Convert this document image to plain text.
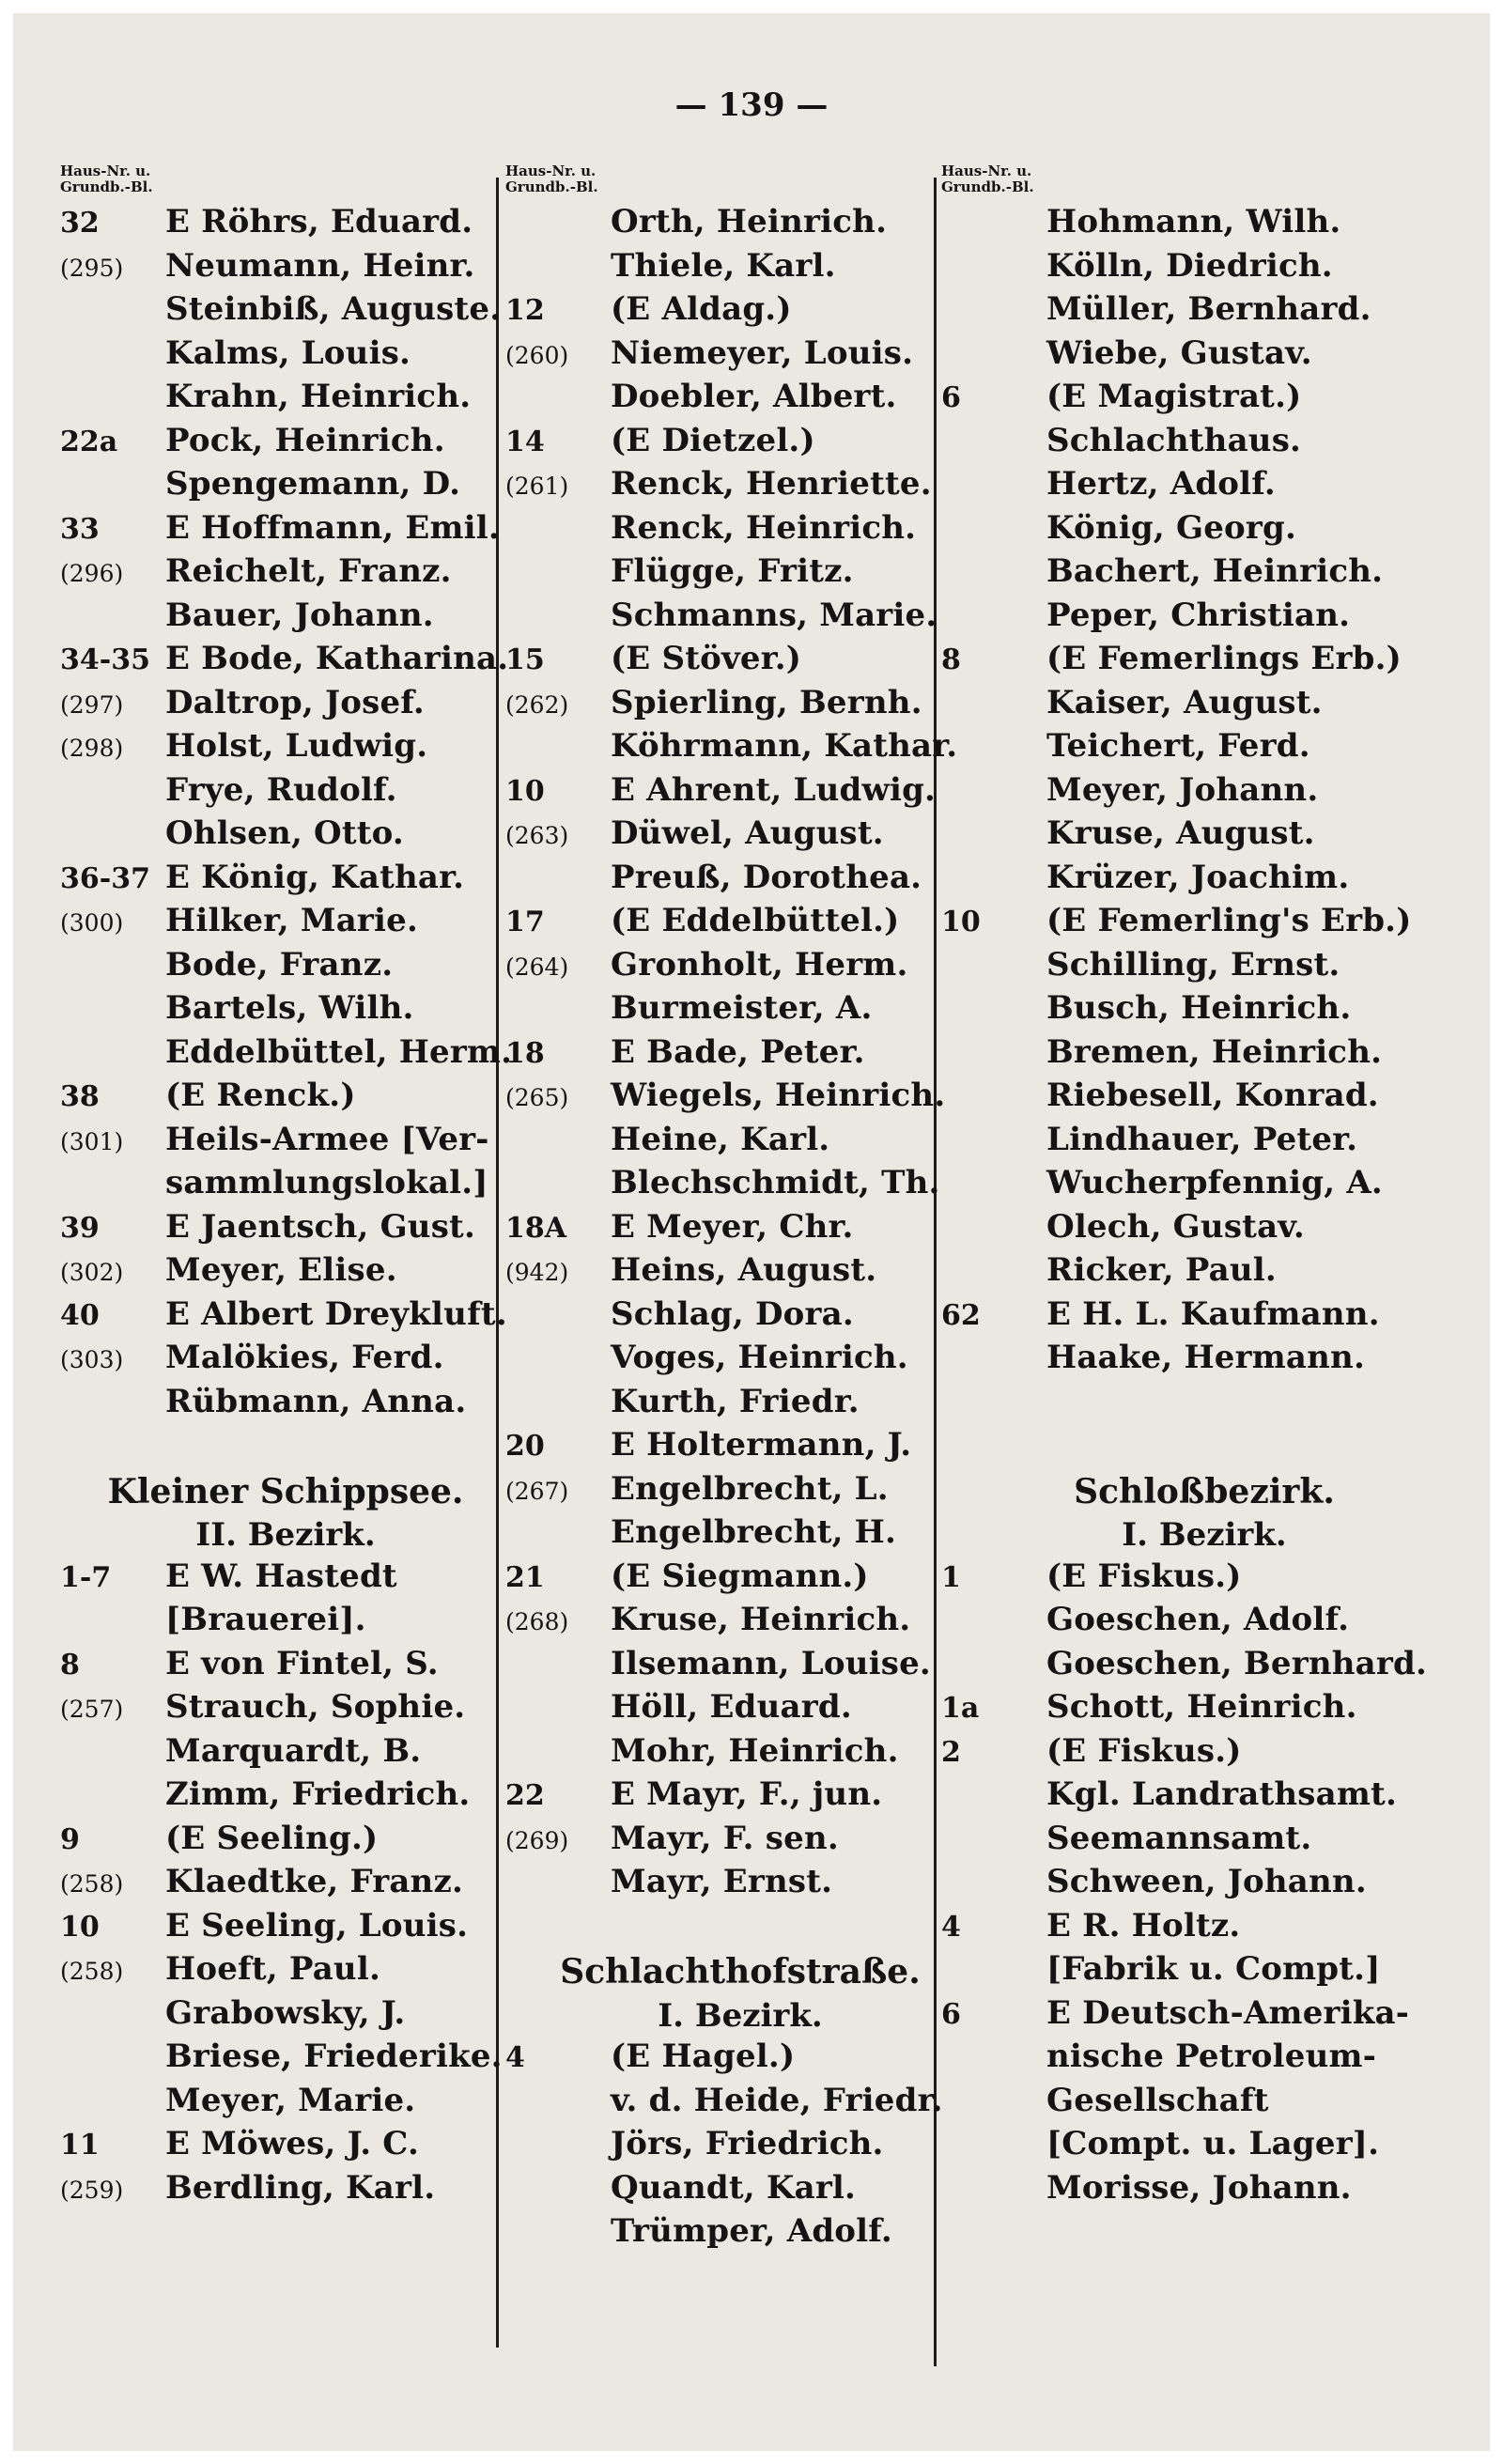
— 139 —
Haus-Nr. u.
Grundb.-Bl.
32	E Röhrs, Eduard.
(295)	Neumann, Heinr.
Steinbiß, Auguste.
Kalms, Louis.
Krahn, Heinrich.
22a	Pock, Heinrich.
Spengemann, D.
33	E Hoffmann, Emil.
(296)	Reichelt, Franz.
Bauer, Johann.
34-35 E Bode, Katharina.
(297)	Daltrop, Josef.
(298)	Holst, Ludwig.
Frye, Rudolf.
Ohlsen, Otto.
36-37 E König, Kathar.
(300)	Hilker, Marie.
Bode, Franz.
Bartels, Wilh.
Eddelbüttel, Herm.
38	(E Renck.)
(301)	Heils-Armee [Ver-
sammlungslokal.]
39	E Jaentsch, Gust.
(302)	Meyer, Elise.
40	E Albert Dreykluft.
(303)	Malökies, Ferd.
Rübmann, Anna.
Kleiner Schippsee.
II. Bezirk.
1-7	E W. Hastedt
[Brauerei].
8	E von Fintel, S.
(257)	Strauch, Sophie.
Marquardt, B.
Zimm, Friedrich.
9	(E Seeling.)
(258)	Klaedtke, Franz.
10	E Seeling, Louis.
(258)	Hoeft, Paul.
Grabowsky, J.
Briese, Friederike.
Meyer, Marie.
11	E Möwes, J. C.
(259)	Berdling, Karl.
Haus-Nr. u.
Grundb.-Bl.
Orth, Heinrich.
Thiele, Karl.
12	(E Aldag.)
(260)	Niemeyer, Louis.
Doebler, Albert.
14	(E Dietzel.)
(261)	Renck, Henriette.
Renck, Heinrich.
Flügge, Fritz.
Schmanns, Marie.
15	(E Stöver.)
(262)	Spierling, Bernh.
Köhrmann, Kathar.
10	E Ahrent, Ludwig.
(263)	Düwel, August.
Preuß, Dorothea.
17	(E Eddelbüttel.)
(264)	Gronholt, Herm.
Burmeister, A.
18	E Bade, Peter.
(265)	Wiegels, Heinrich.
Heine, Karl.
Blechschmidt, Th.
18A	E Meyer, Chr.
(942)	Heins, August.
Schlag, Dora.
Voges, Heinrich.
Kurth, Friedr.
20	E Holtermann, J.
(267)	Engelbrecht, L.
Engelbrecht, H.
21	(E Siegmann.)
(268)	Kruse, Heinrich.
Ilsemann, Louise.
Höll, Eduard.
Mohr, Heinrich.
22	E Mayr, F., jun.
(269)	Mayr, F. sen.
Mayr, Ernst.
Schlachthofstraße.
I. Bezirk.
4	(E Hagel.)
v. d. Heide, Friedr.
Jörs, Friedrich.
Quandt, Karl.
Trümper, Adolf.
Haus-Nr. u.
Grundb.-Bl.
Hohmann, Wilh.
Kölln, Diedrich.
Müller, Bernhard.
Wiebe, Gustav.
6	(E Magistrat.)
Schlachthaus.
Hertz, Adolf.
König, Georg.
Bachert, Heinrich.
Peper, Christian.
8	(E Femerlings Erb.)
Kaiser, August.
Teichert, Ferd.
Meyer, Johann.
Kruse, August.
Krüzer, Joachim.
10	(E Femerling's Erb.)
Schilling, Ernst.
Busch, Heinrich.
Bremen, Heinrich.
Riebesell, Konrad.
Lindhauer, Peter.
Wucherpfennig, A.
Olech, Gustav.
Ricker, Paul.
62	E H. L. Kaufmann.
Haake, Hermann.
Schloßbezirk.
I. Bezirk.
1	(E Fiskus.)
Goeschen, Adolf.
Goeschen, Bernhard.
1a	Schott, Heinrich.
2	(E Fiskus.)
Kgl. Landrathsamt.
Seemannsamt.
Schween, Johann.
4	E R. Holtz.
[Fabrik u. Compt.]
6	E Deutsch-Amerika-
nische Petroleum-
Gesellschaft
[Compt. u. Lager].
Morisse, Johann.
